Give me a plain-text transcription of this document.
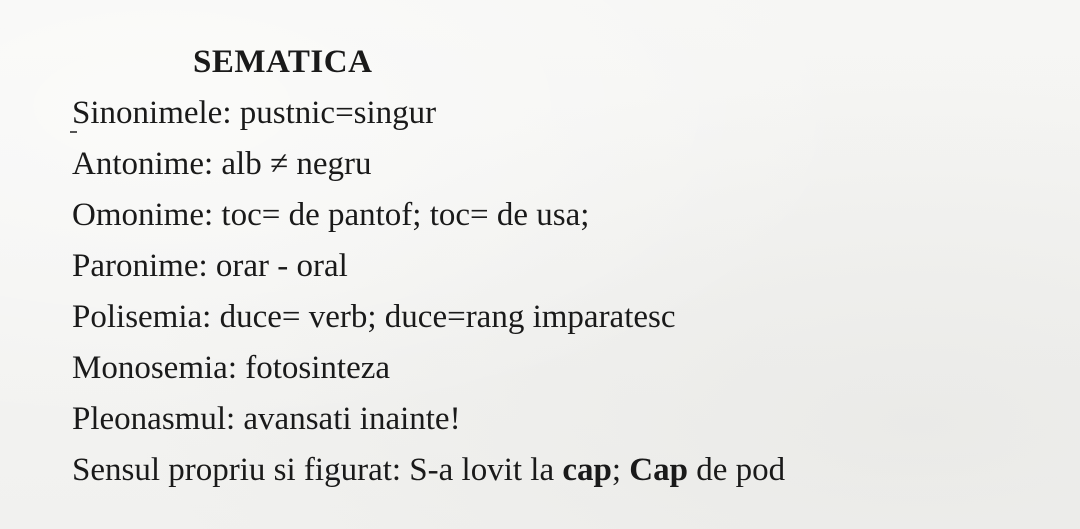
SEMATICA
Sinonimele: pustnic=singur
Antonime: alb ≠ negru
Omonime: toc= de pantof; toc= de usa;
Paronime: orar - oral
Polisemia: duce= verb; duce=rang imparatesc
Monosemia: fotosinteza
Pleonasmul: avansati inainte!
Sensul propriu si figurat: S-a lovit la cap; Cap de pod
